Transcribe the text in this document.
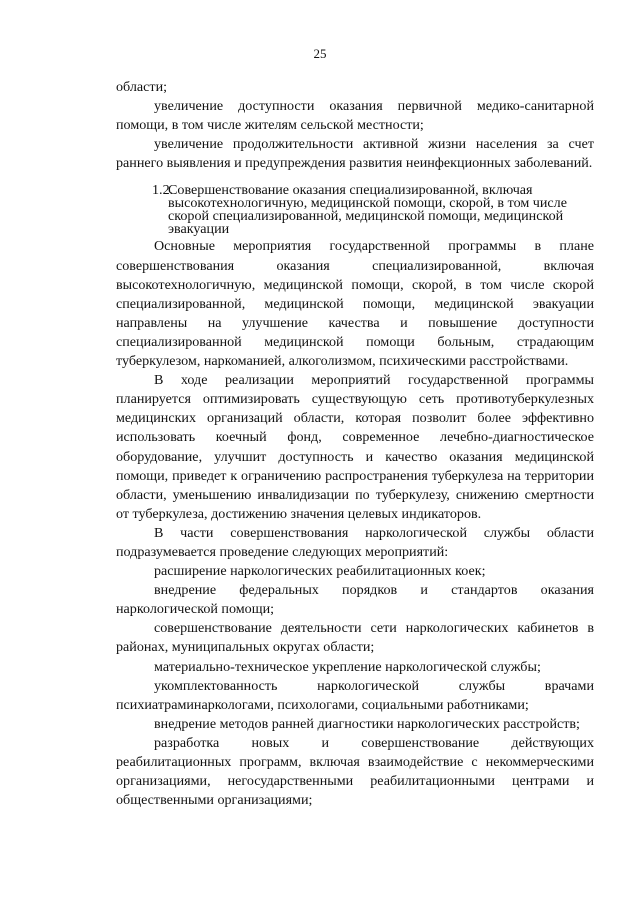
25

области;

увеличение доступности оказания первичной медико-санитарной помощи, в том числе жителям сельской местности;

увеличение продолжительности активной жизни населения за счет раннего выявления и предупреждения развития неинфекционных заболеваний.

1.2.
Совершенствование оказания специализированной, включая высокотехнологичную, медицинской помощи, скорой, в том числе скорой специализированной, медицинской помощи, медицинской эвакуации

Основные мероприятия государственной программы в плане совершенствования оказания специализированной, включая высокотехнологичную, медицинской помощи, скорой, в том числе скорой специализированной, медицинской помощи, медицинской эвакуации направлены на улучшение качества и повышение доступности специализированной медицинской помощи больным, страдающим туберкулезом, наркоманией, алкоголизмом, психическими расстройствами.

В ходе реализации мероприятий государственной программы планируется оптимизировать существующую сеть противотуберкулезных медицинских организаций области, которая позволит более эффективно использовать коечный фонд, современное лечебно-диагностическое оборудование, улучшит доступность и качество оказания медицинской помощи, приведет к ограничению распространения туберкулеза на территории области, уменьшению инвалидизации по туберкулезу, снижению смертности от туберкулеза, достижению значения целевых индикаторов.

В части совершенствования наркологической службы области подразумевается проведение следующих мероприятий:

расширение наркологических реабилитационных коек;

внедрение федеральных порядков и стандартов оказания наркологической помощи;

совершенствование деятельности сети наркологических кабинетов в районах, муниципальных округах области;

материально-техническое укрепление наркологической службы;

укомплектованность наркологической службы врачами психиатраминаркологами, психологами, социальными работниками;

внедрение методов ранней диагностики наркологических расстройств;

разработка новых и совершенствование действующих реабилитационных программ, включая взаимодействие с некоммерческими организациями, негосударственными реабилитационными центрами и общественными организациями;
